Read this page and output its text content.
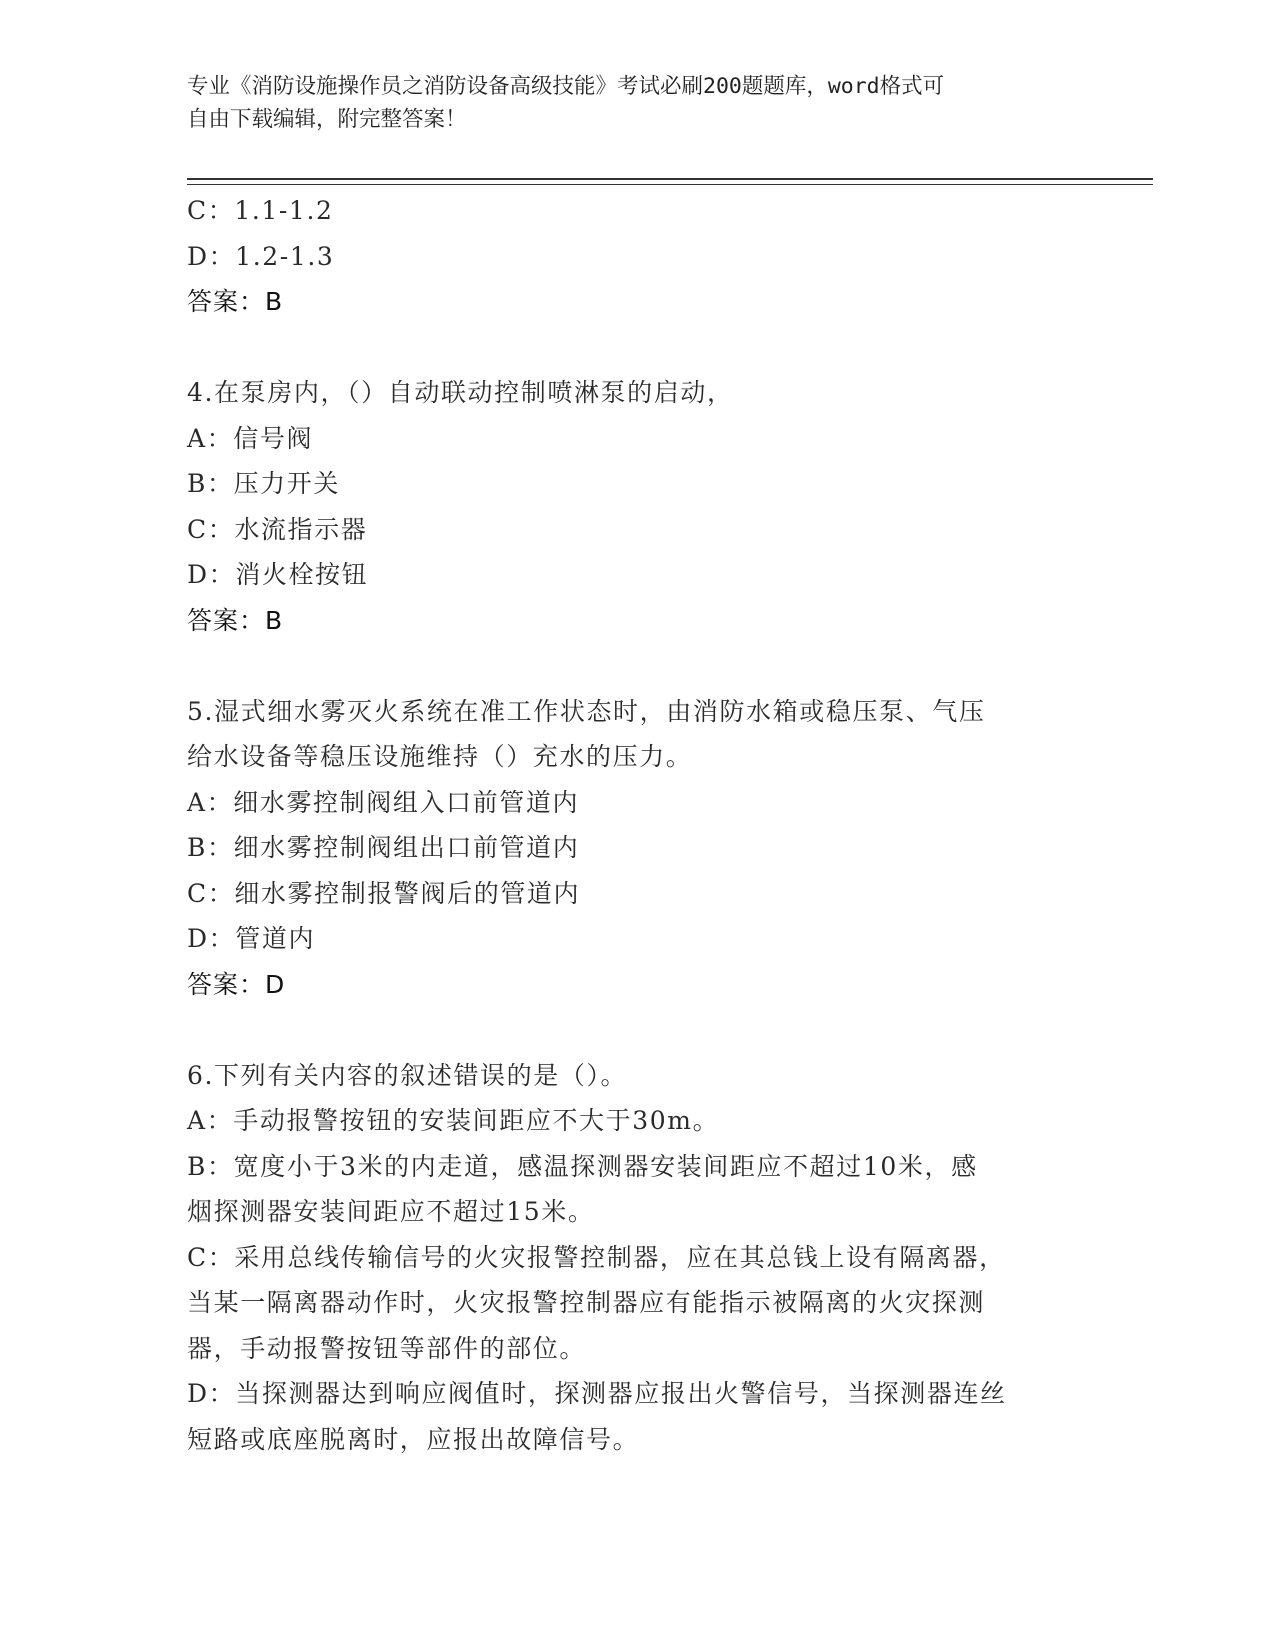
专业《消防设施操作员之消防设备高级技能》考试必刷200题题库，word格式可
自由下载编辑，附完整答案！
C：1.1-1.2
D：1.2-1.3
答案：B
4.在泵房内，（）自动联动控制喷淋泵的启动，
A：信号阀
B：压力开关
C：水流指示器
D：消火栓按钮
答案：B
5.湿式细水雾灭火系统在准工作状态时，由消防水箱或稳压泵、气压
给水设备等稳压设施维持（）充水的压力。
A：细水雾控制阀组入口前管道内
B：细水雾控制阀组出口前管道内
C：细水雾控制报警阀后的管道内
D：管道内
答案：D
6.下列有关内容的叙述错误的是（）。
A：手动报警按钮的安装间距应不大于30m。
B：宽度小于3米的内走道，感温探测器安装间距应不超过10米，感
烟探测器安装间距应不超过15米。
C：采用总线传输信号的火灾报警控制器，应在其总钱上设有隔离器，
当某一隔离器动作时，火灾报警控制器应有能指示被隔离的火灾探测
器，手动报警按钮等部件的部位。
D：当探测器达到响应阀值时，探测器应报出火警信号，当探测器连丝
短路或底座脱离时，应报出故障信号。
